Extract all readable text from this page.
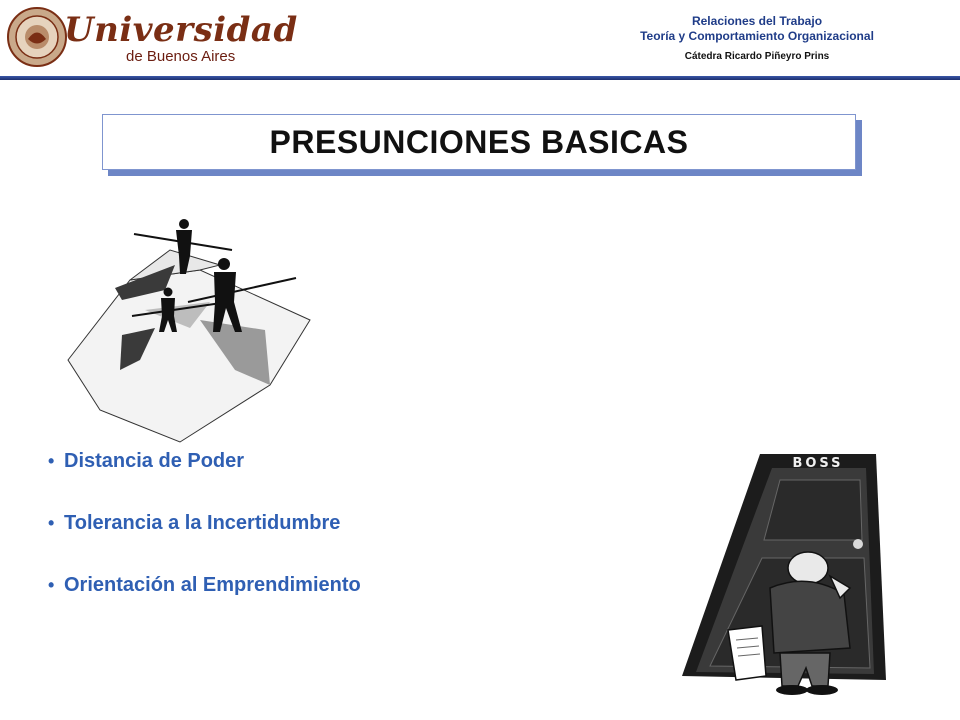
Universidad
de Buenos Aires
Relaciones del Trabajo
Teoría y Comportamiento Organizacional
Cátedra Ricardo Piñeyro Prins
PRESUNCIONES BASICAS
BOSS
• Distancia de Poder
• Tolerancia a la Incertidumbre
• Orientación al Emprendimiento
